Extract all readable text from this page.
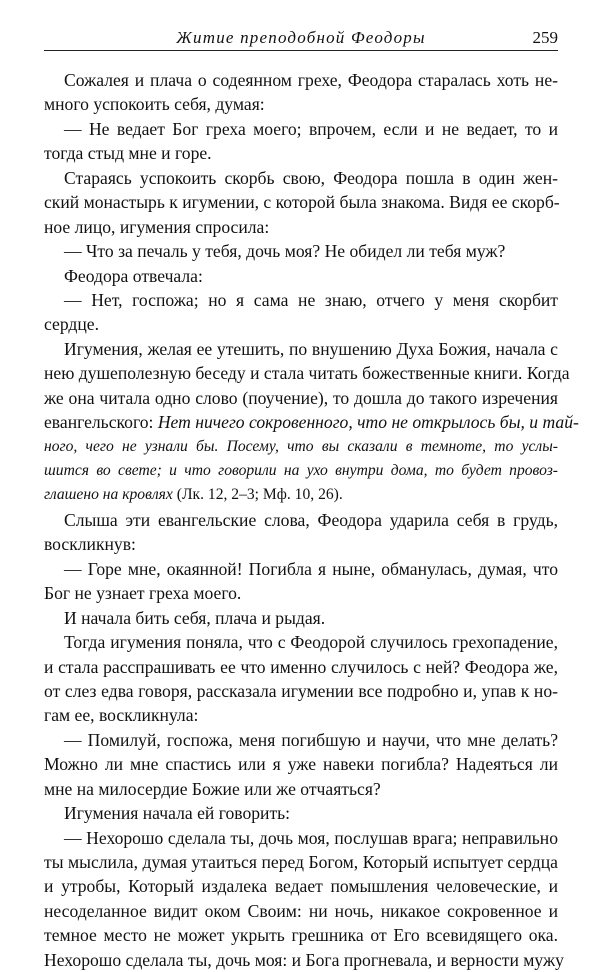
Житие преподобной Феодоры	259
Сожалея и плача о содеянном грехе, Феодора старалась хоть не-
много успокоить себя, думая:
— Не ведает Бог греха моего; впрочем, если и не ведает, то и
тогда стыд мне и горе.
Стараясь успокоить скорбь свою, Феодора пошла в один жен-
ский монастырь к игумении, с которой была знакома. Видя ее скорб-
ное лицо, игумения спросила:
— Что за печаль у тебя, дочь моя? Не обидел ли тебя муж?
Феодора отвечала:
— Нет, госпожа; но я сама не знаю, отчего у меня скорбит
сердце.
Игумения, желая ее утешить, по внушению Духа Божия, начала с
нею душеполезную беседу и стала читать божественные книги. Когда
же она читала одно слово (поучение), то дошла до такого изречения
евангельского: Нет ничего сокровенного, что не открылось бы, и тай-
ного, чего не узнали бы. Посему, что вы сказали в темноте, то услы-
шится во свете; и что говорили на ухо внутри дома, то будет провоз-
глашено на кровлях (Лк. 12, 2–3; Мф. 10, 26).
Слыша эти евангельские слова, Феодора ударила себя в грудь,
воскликнув:
— Горе мне, окаянной! Погибла я ныне, обманулась, думая, что
Бог не узнает греха моего.
И начала бить себя, плача и рыдая.
Тогда игумения поняла, что с Феодорой случилось грехопадение,
и стала расспрашивать ее что именно случилось с ней? Феодора же,
от слез едва говоря, рассказала игумении все подробно и, упав к но-
гам ее, воскликнула:
— Помилуй, госпожа, меня погибшую и научи, что мне делать?
Можно ли мне спастись или я уже навеки погибла? Надеяться ли
мне на милосердие Божие или же отчаяться?
Игумения начала ей говорить:
— Нехорошо сделала ты, дочь моя, послушав врага; неправильно
ты мыслила, думая утаиться перед Богом, Который испытует сердца
и утробы, Который издалека ведает помышления человеческие, и
несоделанное видит оком Своим: ни ночь, никакое сокровенное и
темное место не может укрыть грешника от Его всевидящего ока.
Нехорошо сделала ты, дочь моя: и Бога прогневала, и верности мужу
